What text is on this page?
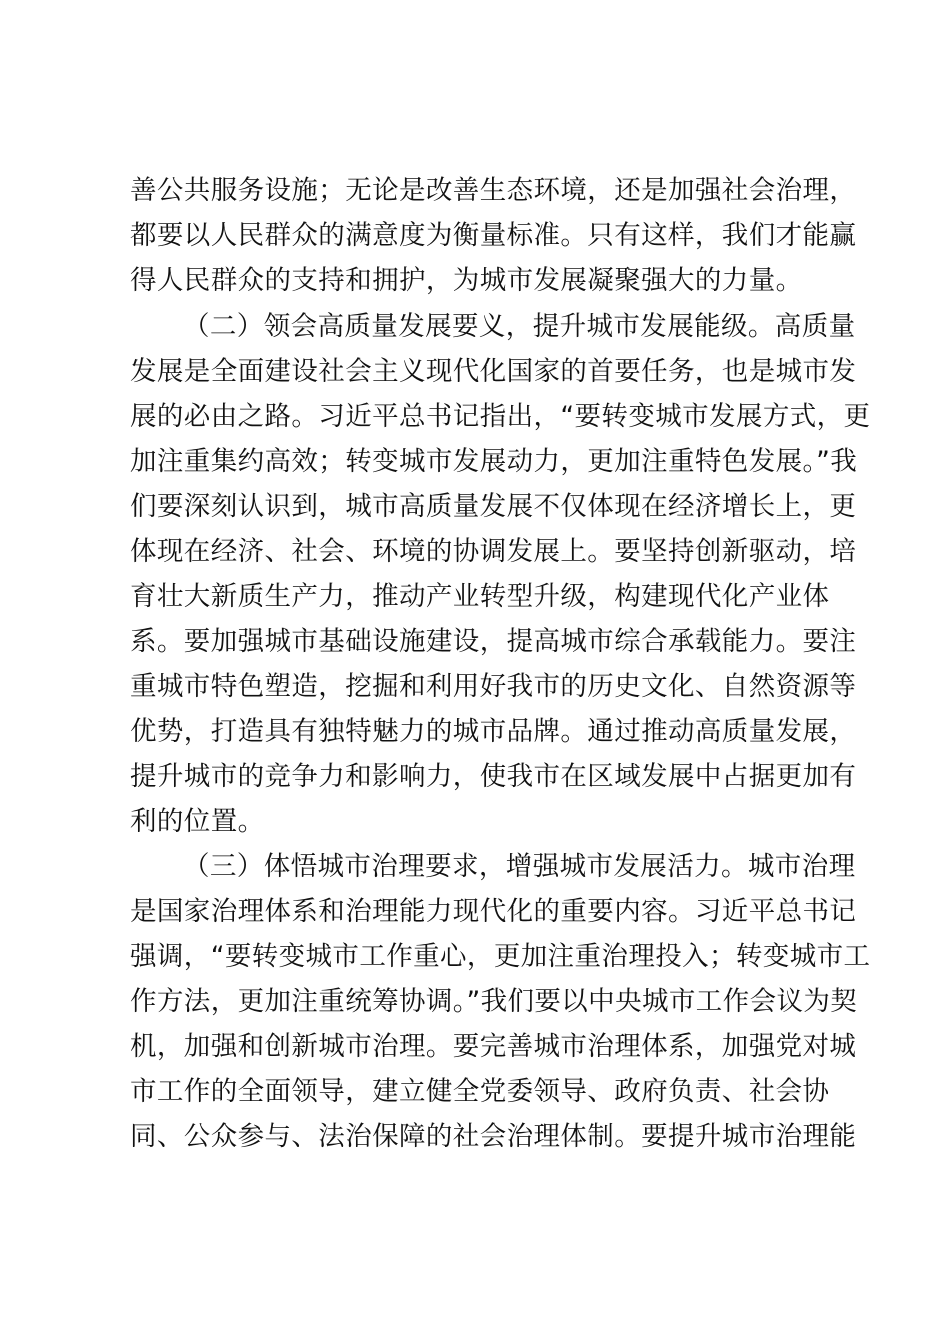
善公共服务设施；无论是改善生态环境，还是加强社会治理，
都要以人民群众的满意度为衡量标准。只有这样，我们才能赢
得人民群众的支持和拥护，为城市发展凝聚强大的力量。
（二）领会高质量发展要义，提升城市发展能级。高质量
发展是全面建设社会主义现代化国家的首要任务，也是城市发
展的必由之路。习近平总书记指出，“要转变城市发展方式，更
加注重集约高效；转变城市发展动力，更加注重特色发展。”我
们要深刻认识到，城市高质量发展不仅体现在经济增长上，更
体现在经济、社会、环境的协调发展上。要坚持创新驱动，培
育壮大新质生产力，推动产业转型升级，构建现代化产业体
系。要加强城市基础设施建设，提高城市综合承载能力。要注
重城市特色塑造，挖掘和利用好我市的历史文化、自然资源等
优势，打造具有独特魅力的城市品牌。通过推动高质量发展，
提升城市的竞争力和影响力，使我市在区域发展中占据更加有
利的位置。
（三）体悟城市治理要求，增强城市发展活力。城市治理
是国家治理体系和治理能力现代化的重要内容。习近平总书记
强调，“要转变城市工作重心，更加注重治理投入；转变城市工
作方法，更加注重统筹协调。”我们要以中央城市工作会议为契
机，加强和创新城市治理。要完善城市治理体系，加强党对城
市工作的全面领导，建立健全党委领导、政府负责、社会协
同、公众参与、法治保障的社会治理体制。要提升城市治理能
